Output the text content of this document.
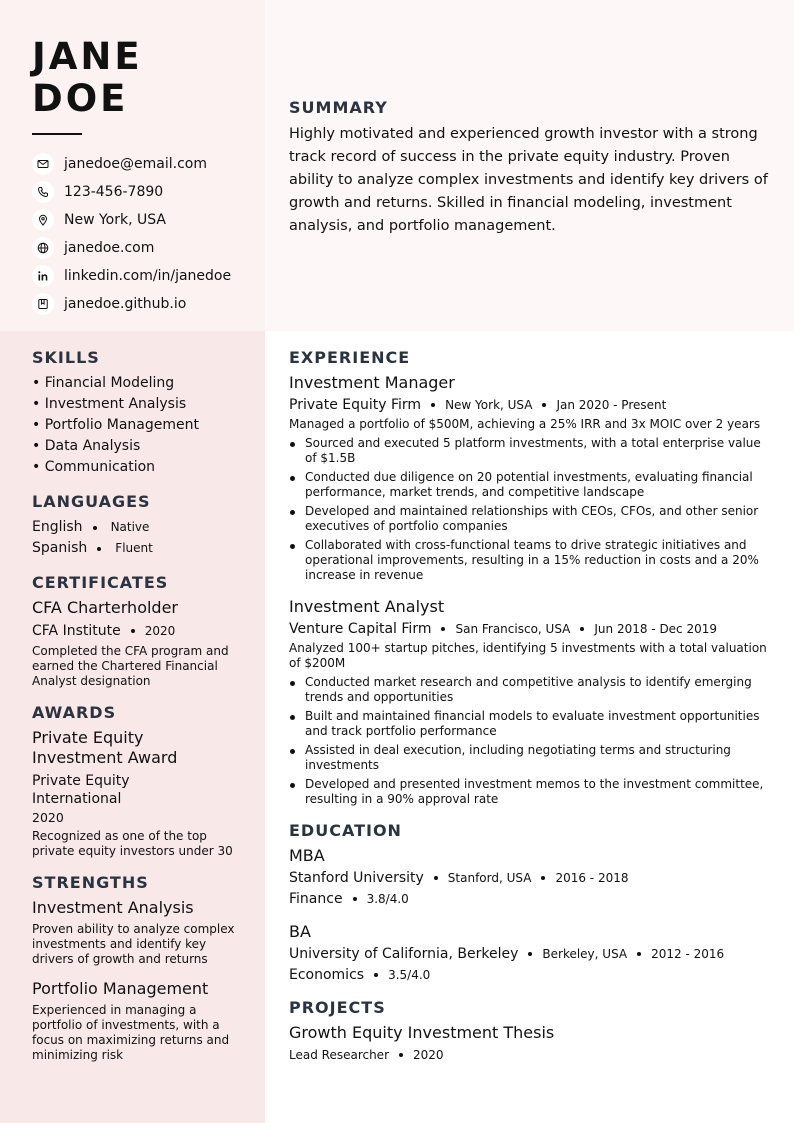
JANE
DOE
janedoe@email.com
123-456-7890
New York, USA
janedoe.com
linkedin.com/in/janedoe
janedoe.github.io
SUMMARY

Highly motivated and experienced growth investor with a strong track record of success in the private equity industry. Proven ability to analyze complex investments and identify key drivers of growth and returns. Skilled in financial modeling, investment analysis, and portfolio management.

SKILLS
• Financial Modeling
• Investment Analysis
• Portfolio Management
• Data Analysis
• Communication
LANGUAGES
English Native
Spanish Fluent
CERTIFICATES
CFA Charterholder
CFA Institute 2020
Completed the CFA program and earned the Chartered Financial Analyst designation
AWARDS
Private Equity Investment Award
Private Equity International
2020
Recognized as one of the top private equity investors under 30
STRENGTHS
Investment Analysis
Proven ability to analyze complex investments and identify key drivers of growth and returns
Portfolio Management
Experienced in managing a portfolio of investments, with a focus on maximizing returns and minimizing risk
EXPERIENCE
Investment Manager
Private Equity Firm New York, USA Jan 2020 - Present
Managed a portfolio of $500M, achieving a 25% IRR and 3x MOIC over 2 years
Sourced and executed 5 platform investments, with a total enterprise value of $1.5B
Conducted due diligence on 20 potential investments, evaluating financial performance, market trends, and competitive landscape
Developed and maintained relationships with CEOs, CFOs, and other senior executives of portfolio companies
Collaborated with cross-functional teams to drive strategic initiatives and operational improvements, resulting in a 15% reduction in costs and a 20% increase in revenue
Investment Analyst
Venture Capital Firm San Francisco, USA Jun 2018 - Dec 2019
Analyzed 100+ startup pitches, identifying 5 investments with a total valuation of $200M
Conducted market research and competitive analysis to identify emerging trends and opportunities
Built and maintained financial models to evaluate investment opportunities and track portfolio performance
Assisted in deal execution, including negotiating terms and structuring investments
Developed and presented investment memos to the investment committee, resulting in a 90% approval rate
EDUCATION
MBA
Stanford University Stanford, USA 2016 - 2018
Finance 3.8/4.0
BA
University of California, Berkeley Berkeley, USA 2012 - 2016
Economics 3.5/4.0
PROJECTS
Growth Equity Investment Thesis
Lead Researcher 2020
